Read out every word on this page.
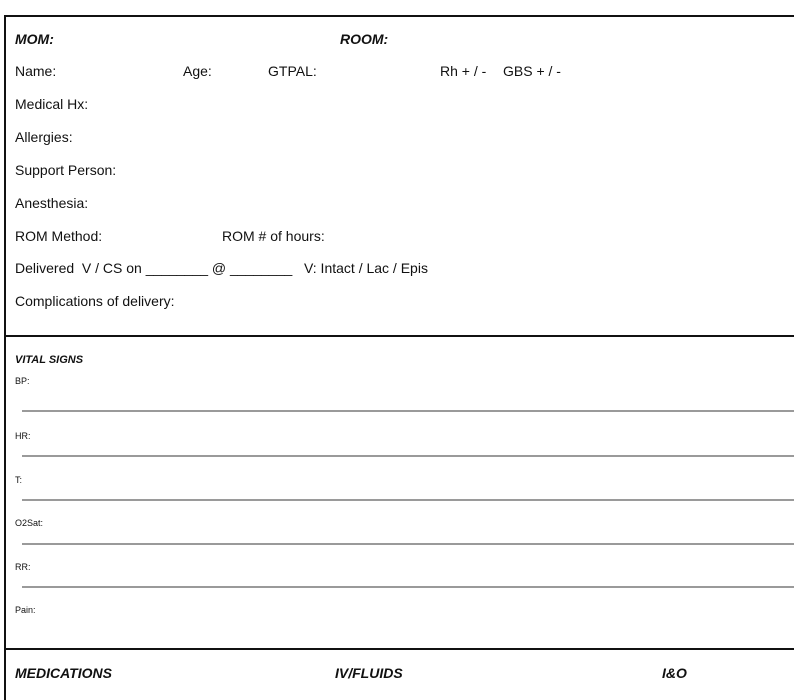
MOM:	ROOM:
Name:	Age:	GTPAL:	Rh + / - GBS + / -
Medical Hx:
Allergies:
Support Person:
Anesthesia:
ROM Method:	ROM # of hours:
Delivered  V / CS on ________ @ ________   V: Intact / Lac / Epis
Complications of delivery:
VITAL SIGNS
BP:
HR:
T:
O2Sat:
RR:
Pain:
MEDICATIONS	IV/FLUIDS	I&O
